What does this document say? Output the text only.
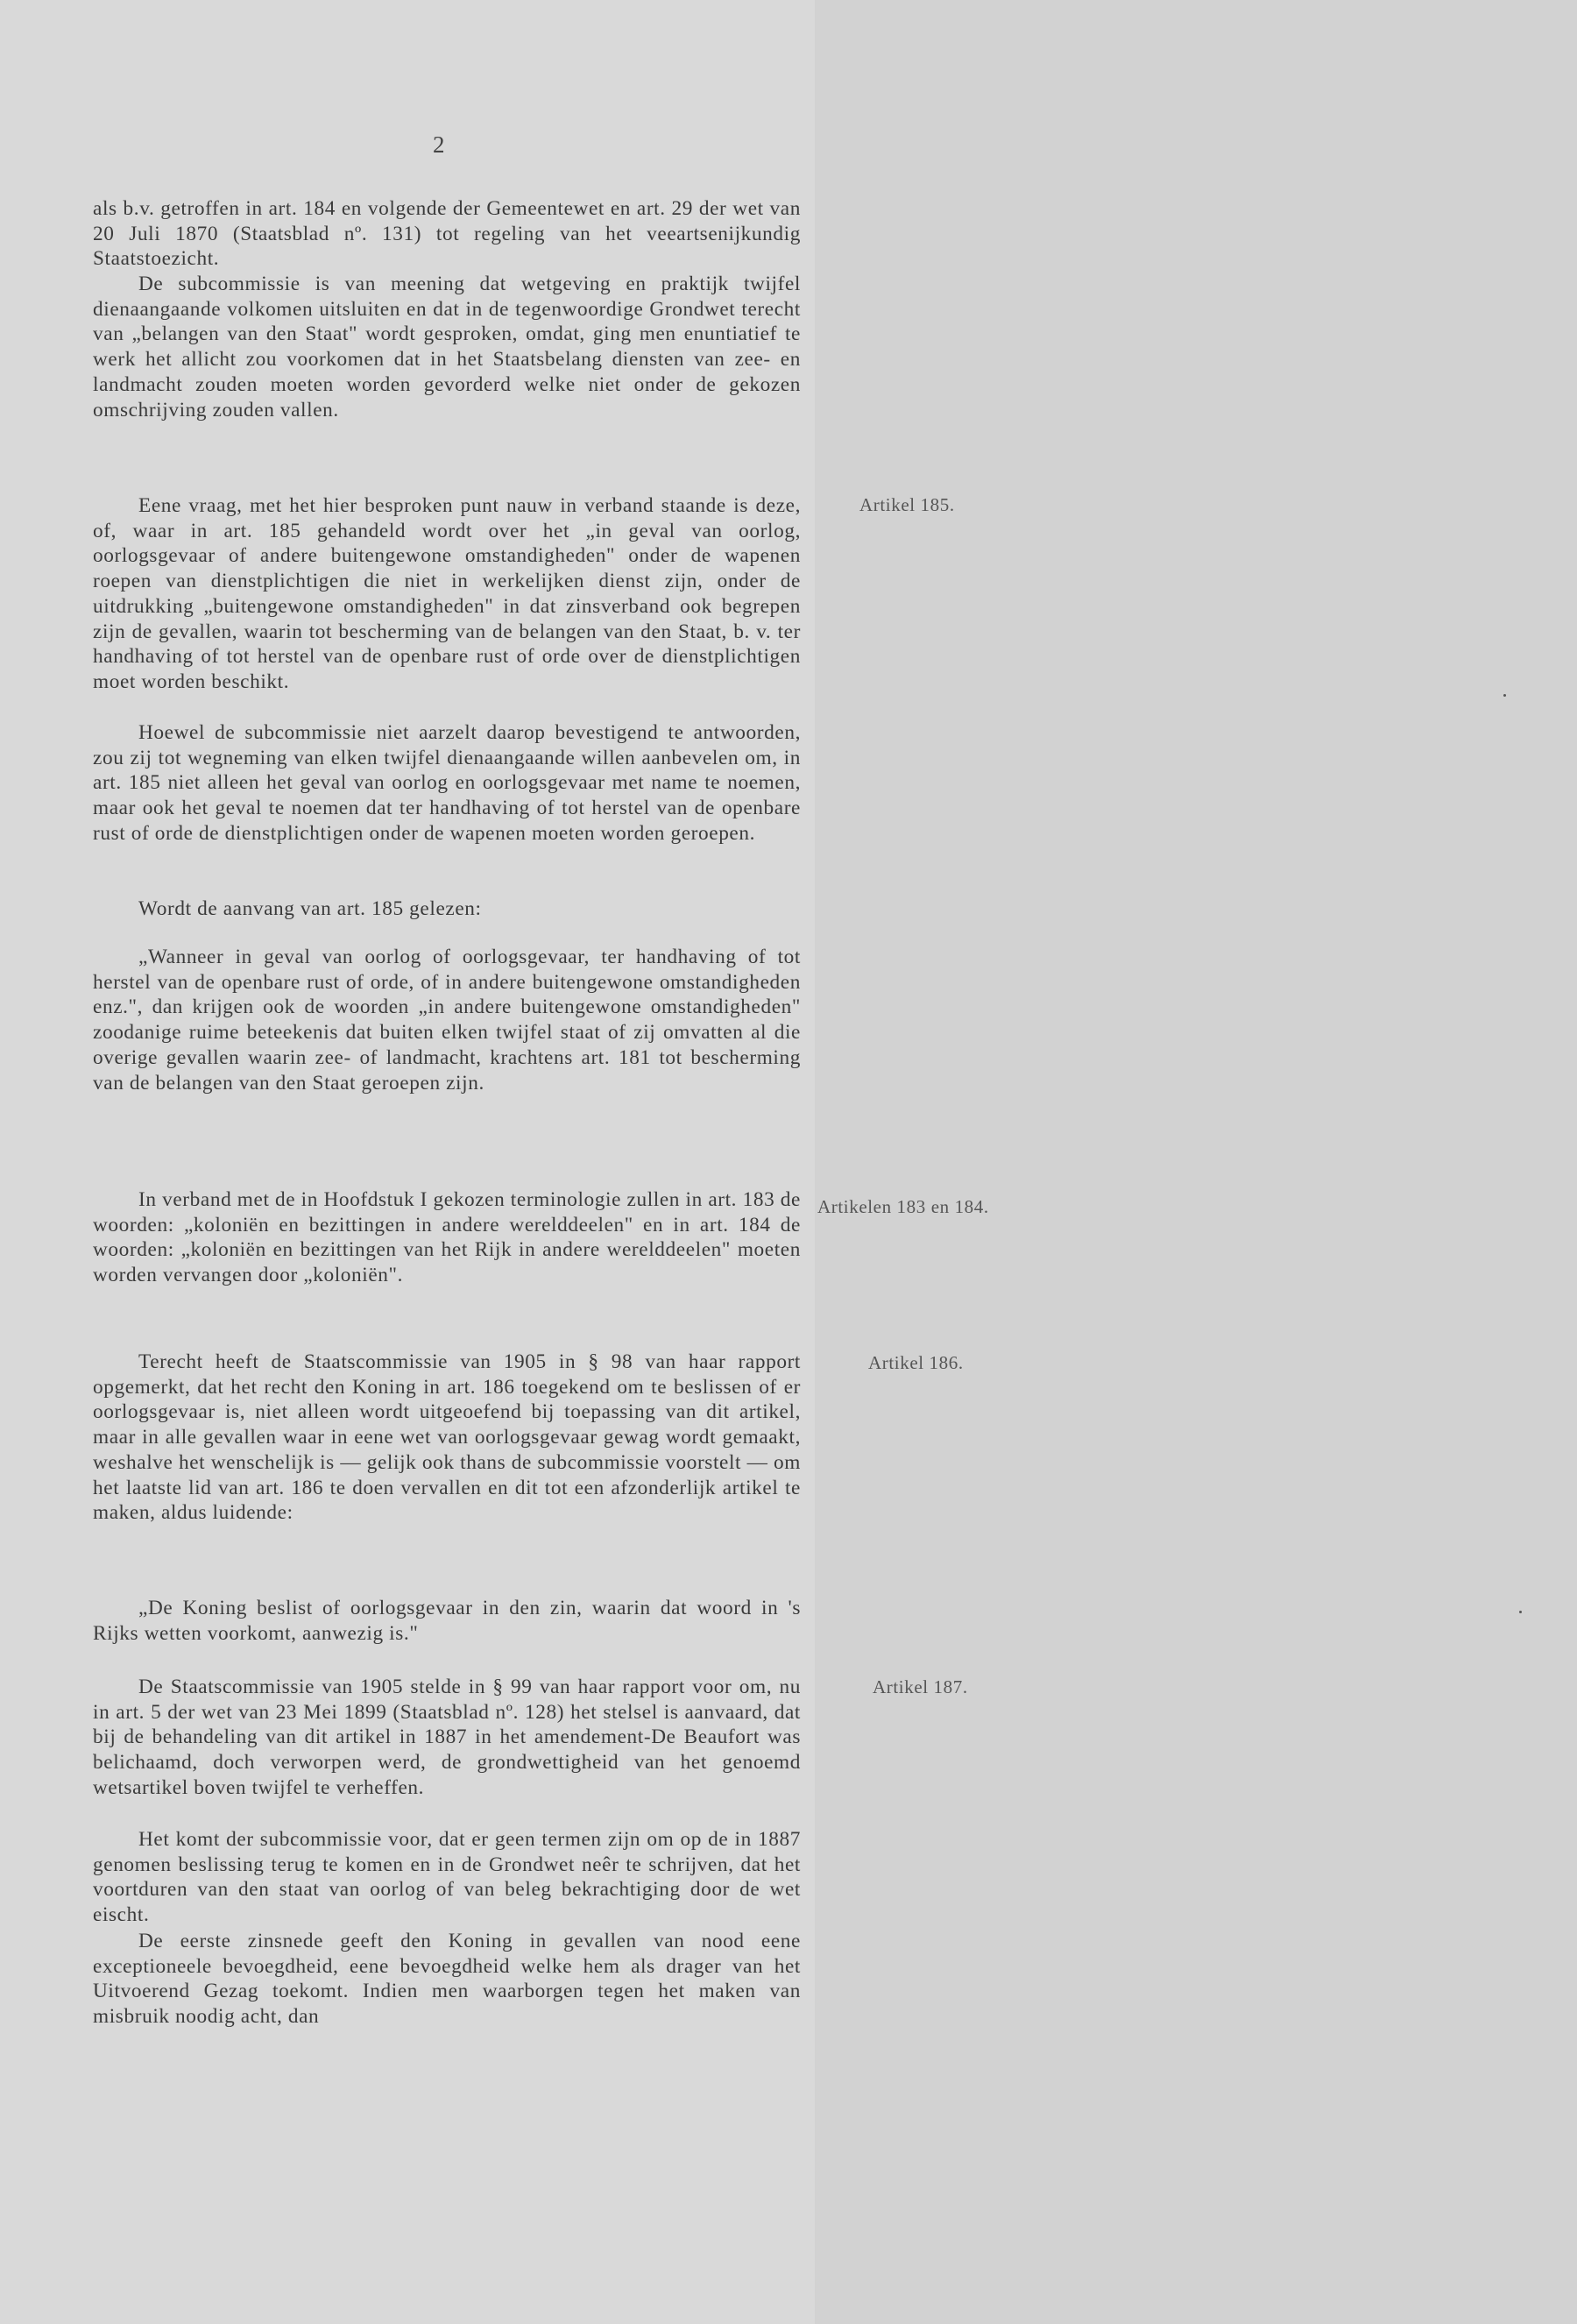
2

als b.v. getroffen in art. 184 en volgende der Gemeentewet en art. 29 der wet van 20 Juli 1870 (Staatsblad nº. 131) tot regeling van het veeartsenijkundig Staatstoezicht.

De subcommissie is van meening dat wetgeving en praktijk twijfel dienaangaande volkomen uitsluiten en dat in de tegenwoordige Grondwet terecht van „belangen van den Staat" wordt gesproken, omdat, ging men enuntiatief te werk het allicht zou voorkomen dat in het Staatsbelang diensten van zee- en landmacht zouden moeten worden gevorderd welke niet onder de gekozen omschrijving zouden vallen.

Eene vraag, met het hier besproken punt nauw in verband staande is deze, of, waar in art. 185 gehandeld wordt over het „in geval van oorlog, oorlogsgevaar of andere buitengewone omstandigheden" onder de wapenen roepen van dienstplichtigen die niet in werkelijken dienst zijn, onder de uitdrukking „buitengewone omstandigheden" in dat zinsverband ook begrepen zijn de gevallen, waarin tot bescherming van de belangen van den Staat, b. v. ter handhaving of tot herstel van de openbare rust of orde over de dienstplichtigen moet worden beschikt.

Hoewel de subcommissie niet aarzelt daarop bevestigend te antwoorden, zou zij tot wegneming van elken twijfel dienaangaande willen aanbevelen om, in art. 185 niet alleen het geval van oorlog en oorlogsgevaar met name te noemen, maar ook het geval te noemen dat ter handhaving of tot herstel van de openbare rust of orde de dienstplichtigen onder de wapenen moeten worden geroepen.

Wordt de aanvang van art. 185 gelezen:

„Wanneer in geval van oorlog of oorlogsgevaar, ter handhaving of tot herstel van de openbare rust of orde, of in andere buitengewone omstandigheden enz.", dan krijgen ook de woorden „in andere buitengewone omstandigheden" zoodanige ruime beteekenis dat buiten elken twijfel staat of zij omvatten al die overige gevallen waarin zee- of landmacht, krachtens art. 181 tot bescherming van de belangen van den Staat geroepen zijn.

In verband met de in Hoofdstuk I gekozen terminologie zullen in art. 183 de woorden: „koloniën en bezittingen in andere werelddeelen" en in art. 184 de woorden: „koloniën en bezittingen van het Rijk in andere werelddeelen" moeten worden vervangen door „koloniën".

Terecht heeft de Staatscommissie van 1905 in § 98 van haar rapport opgemerkt, dat het recht den Koning in art. 186 toegekend om te beslissen of er oorlogsgevaar is, niet alleen wordt uitgeoefend bij toepassing van dit artikel, maar in alle gevallen waar in eene wet van oorlogsgevaar gewag wordt gemaakt, weshalve het wenschelijk is — gelijk ook thans de subcommissie voorstelt — om het laatste lid van art. 186 te doen vervallen en dit tot een afzonderlijk artikel te maken, aldus luidende:

„De Koning beslist of oorlogsgevaar in den zin, waarin dat woord in 's Rijks wetten voorkomt, aanwezig is."

De Staatscommissie van 1905 stelde in § 99 van haar rapport voor om, nu in art. 5 der wet van 23 Mei 1899 (Staatsblad nº. 128) het stelsel is aanvaard, dat bij de behandeling van dit artikel in 1887 in het amendement-De Beaufort was belichaamd, doch verworpen werd, de grondwettigheid van het genoemd wetsartikel boven twijfel te verheffen.

Het komt der subcommissie voor, dat er geen termen zijn om op de in 1887 genomen beslissing terug te komen en in de Grondwet neêr te schrijven, dat het voortduren van den staat van oorlog of van beleg bekrachtiging door de wet eischt.

De eerste zinsnede geeft den Koning in gevallen van nood eene exceptioneele bevoegdheid, eene bevoegdheid welke hem als drager van het Uitvoerend Gezag toekomt. Indien men waarborgen tegen het maken van misbruik noodig acht, dan

Artikel 185.
Artikelen 183 en 184.
Artikel 186.
Artikel 187.
